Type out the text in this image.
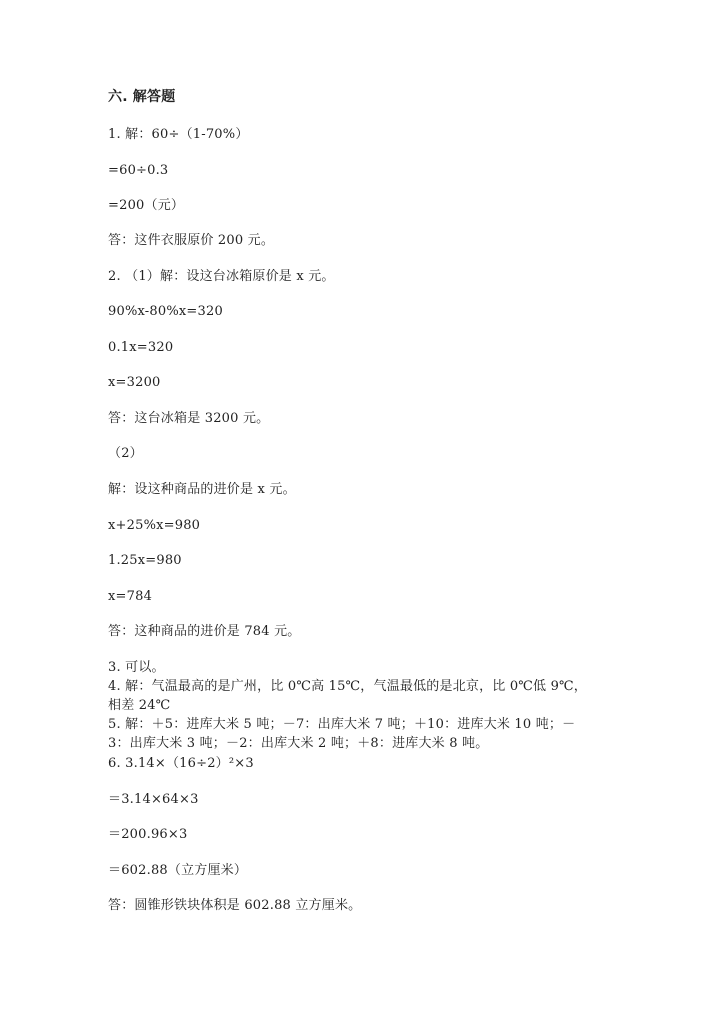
六. 解答题
1. 解：60÷（1-70%）
=60÷0.3
=200（元）
答：这件衣服原价 200 元。
2. （1）解：设这台冰箱原价是 x 元。
90%x-80%x=320
0.1x=320
x=3200
答：这台冰箱是 3200 元。
（2）
解：设这种商品的进价是 x 元。
x+25%x=980
1.25x=980
x=784
答：这种商品的进价是 784 元。
3. 可以。
4. 解：气温最高的是广州，比 0℃高 15℃，气温最低的是北京，比 0℃低 9℃，
相差 24℃
5. 解：＋5：进库大米 5 吨；－7：出库大米 7 吨；＋10：进库大米 10 吨；－
3：出库大米 3 吨；－2：出库大米 2 吨；＋8：进库大米 8 吨。
6. 3.14×（16÷2）²×3
＝3.14×64×3
＝200.96×3
＝602.88（立方厘米）
答：圆锥形铁块体积是 602.88 立方厘米。
